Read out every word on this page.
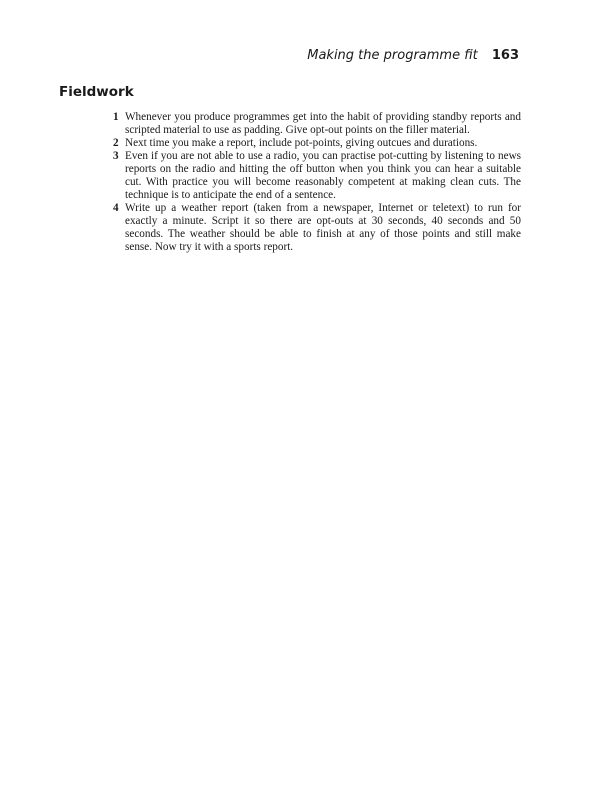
Making the programme fit 163
Fieldwork
1 Whenever you produce programmes get into the habit of providing standby reports and scripted material to use as padding. Give opt-out points on the filler material.
2 Next time you make a report, include pot-points, giving outcues and durations.
3 Even if you are not able to use a radio, you can practise pot-cutting by listening to news reports on the radio and hitting the off button when you think you can hear a suitable cut. With practice you will become reasonably competent at making clean cuts. The technique is to anticipate the end of a sentence.
4 Write up a weather report (taken from a newspaper, Internet or teletext) to run for exactly a minute. Script it so there are opt-outs at 30 seconds, 40 seconds and 50 seconds. The weather should be able to finish at any of those points and still make sense. Now try it with a sports report.
